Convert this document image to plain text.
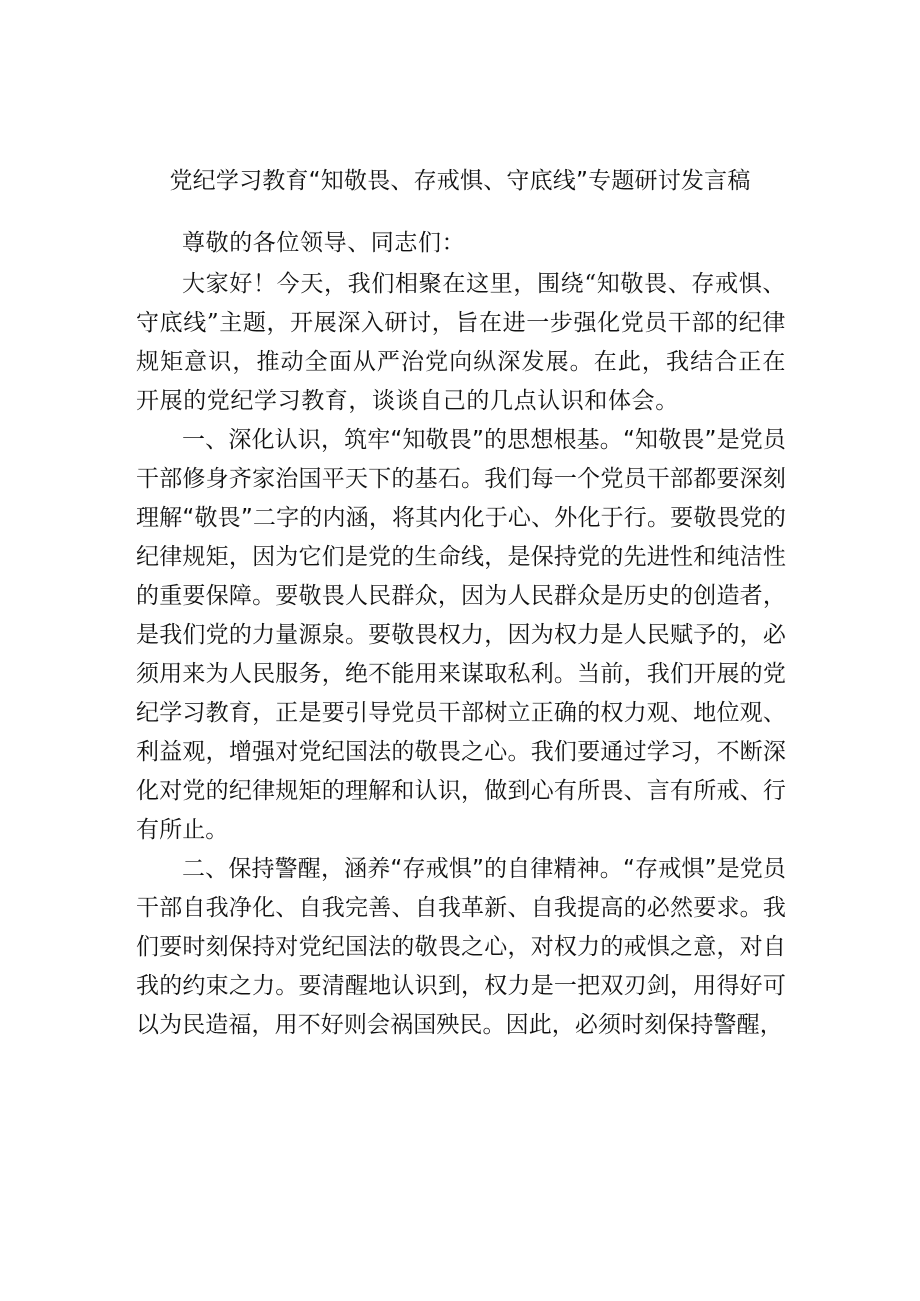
党纪学习教育“知敬畏、存戒惧、守底线”专题研讨发言稿

尊敬的各位领导、同志们：

大家好！今天，我们相聚在这里，围绕“知敬畏、存戒惧、守底线”主题，开展深入研讨，旨在进一步强化党员干部的纪律规矩意识，推动全面从严治党向纵深发展。在此，我结合正在开展的党纪学习教育，谈谈自己的几点认识和体会。

一、深化认识，筑牢“知敬畏”的思想根基。“知敬畏”是党员干部修身齐家治国平天下的基石。我们每一个党员干部都要深刻理解“敬畏”二字的内涵，将其内化于心、外化于行。要敬畏党的纪律规矩，因为它们是党的生命线，是保持党的先进性和纯洁性的重要保障。要敬畏人民群众，因为人民群众是历史的创造者，是我们党的力量源泉。要敬畏权力，因为权力是人民赋予的，必须用来为人民服务，绝不能用来谋取私利。当前，我们开展的党纪学习教育，正是要引导党员干部树立正确的权力观、地位观、利益观，增强对党纪国法的敬畏之心。我们要通过学习，不断深化对党的纪律规矩的理解和认识，做到心有所畏、言有所戒、行有所止。

二、保持警醒，涵养“存戒惧”的自律精神。“存戒惧”是党员干部自我净化、自我完善、自我革新、自我提高的必然要求。我们要时刻保持对党纪国法的敬畏之心，对权力的戒惧之意，对自我的约束之力。要清醒地认识到，权力是一把双刃剑，用得好可以为民造福，用不好则会祸国殃民。因此，必须时刻保持警醒，
